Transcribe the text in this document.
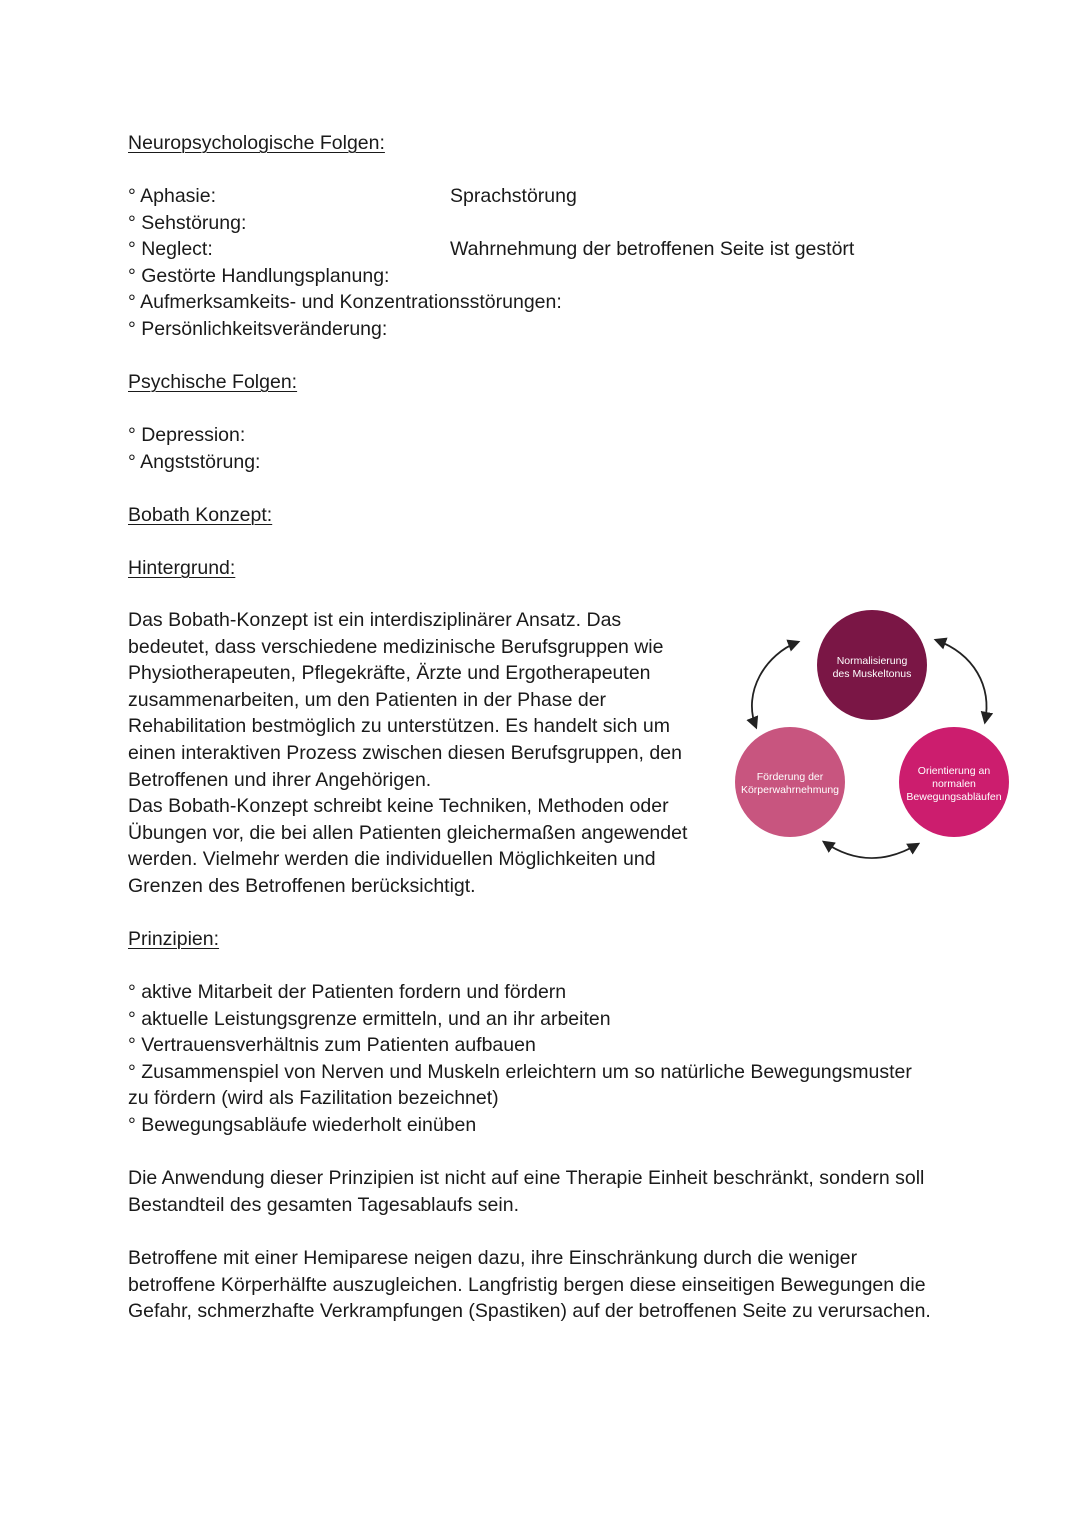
Neuropsychologische Folgen:
° Aphasie:	Sprachstörung
° Sehstörung:
° Neglect:	Wahrnehmung der betroffenen Seite ist gestört
° Gestörte Handlungsplanung:
° Aufmerksamkeits- und Konzentrationsstörungen:
° Persönlichkeitsveränderung:
Psychische Folgen:
° Depression:
° Angststörung:
Bobath Konzept:
Hintergrund:
Das Bobath-Konzept ist ein interdisziplinärer Ansatz. Das
bedeutet, dass verschiedene medizinische Berufsgruppen wie
Physiotherapeuten, Pflegekräfte, Ärzte und Ergotherapeuten
zusammenarbeiten, um den Patienten in der Phase der
Rehabilitation bestmöglich zu unterstützen. Es handelt sich um
einen interaktiven Prozess zwischen diesen Berufsgruppen, den
Betroffenen und ihrer Angehörigen.
Das Bobath-Konzept schreibt keine Techniken, Methoden oder
Übungen vor, die bei allen Patienten gleichermaßen angewendet
werden. Vielmehr werden die individuellen Möglichkeiten und
Grenzen des Betroffenen berücksichtigt.
Prinzipien:
° aktive Mitarbeit der Patienten fordern und fördern
° aktuelle Leistungsgrenze ermitteln, und an ihr arbeiten
° Vertrauensverhältnis zum Patienten aufbauen
° Zusammenspiel von Nerven und Muskeln erleichtern um so natürliche Bewegungsmuster
zu fördern (wird als Fazilitation bezeichnet)
° Bewegungsabläufe wiederholt einüben
Die Anwendung dieser Prinzipien ist nicht auf eine Therapie Einheit beschränkt, sondern soll
Bestandteil des gesamten Tagesablaufs sein.
Betroffene mit einer Hemiparese neigen dazu, ihre Einschränkung durch die weniger
betroffene Körperhälfte auszugleichen. Langfristig bergen diese einseitigen Bewegungen die
Gefahr, schmerzhafte Verkrampfungen (Spastiken) auf der betroffenen Seite zu verursachen.
Normalisierung
des Muskeltonus
Förderung der
Körperwahrnehmung
Orientierung an
normalen
Bewegungsabläufen
